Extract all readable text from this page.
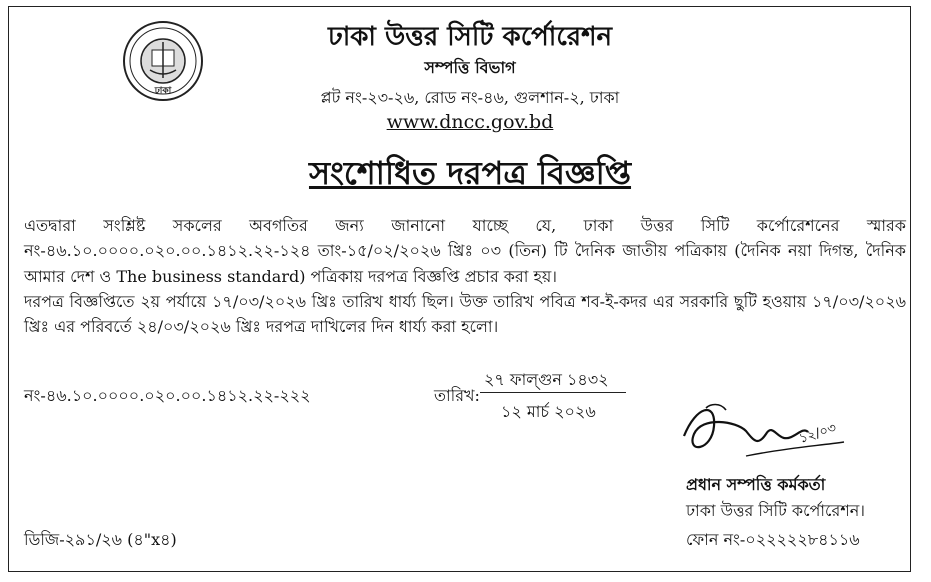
ঢাকা
ঢাকা উত্তর সিটি কর্পোরেশন
সম্পত্তি বিভাগ
প্লট নং-২৩-২৬, রোড নং-৪৬, গুলশান-২, ঢাকা
www.dncc.gov.bd
সংশোধিত দরপত্র বিজ্ঞপ্তি

এতদ্বারা সংশ্লিষ্ট সকলের অবগতির জন্য জানানো যাচ্ছে যে, ঢাকা উত্তর সিটি কর্পোরেশনের স্মারক নং-৪৬.১০.০০০০.০২০.০০.১৪১২.২২-১২৪ তাং-১৫/০২/২০২৬ খ্রিঃ ০৩ (তিন) টি দৈনিক জাতীয় পত্রিকায় (দৈনিক নয়া দিগন্ত, দৈনিক আমার দেশ ও The business standard) পত্রিকায় দরপত্র বিজ্ঞপ্তি প্রচার করা হয়।

দরপত্র বিজ্ঞপ্তিতে ২য় পর্যায়ে ১৭/০৩/২০২৬ খ্রিঃ তারিখ ধার্য্য ছিল। উক্ত তারিখ পবিত্র শব-ই-কদর এর সরকারি ছুটি হওয়ায় ১৭/০৩/২০২৬ খ্রিঃ এর পরিবর্তে ২৪/০৩/২০২৬ খ্রিঃ দরপত্র দাখিলের দিন ধার্য্য করা হলো।

নং-৪৬.১০.০০০০.০২০.০০.১৪১২.২২-২২২	তারিখ:
২৭ ফাল্গুন ১৪৩২
১২ মার্চ ২০২৬
১২/০৩
প্রধান সম্পত্তি কর্মকর্তা
ঢাকা উত্তর সিটি কর্পোরেশন।
ফোন নং-০২২২২২৮৪১১৬
ডিজি-২৯১/২৬ (৪"x৪)
